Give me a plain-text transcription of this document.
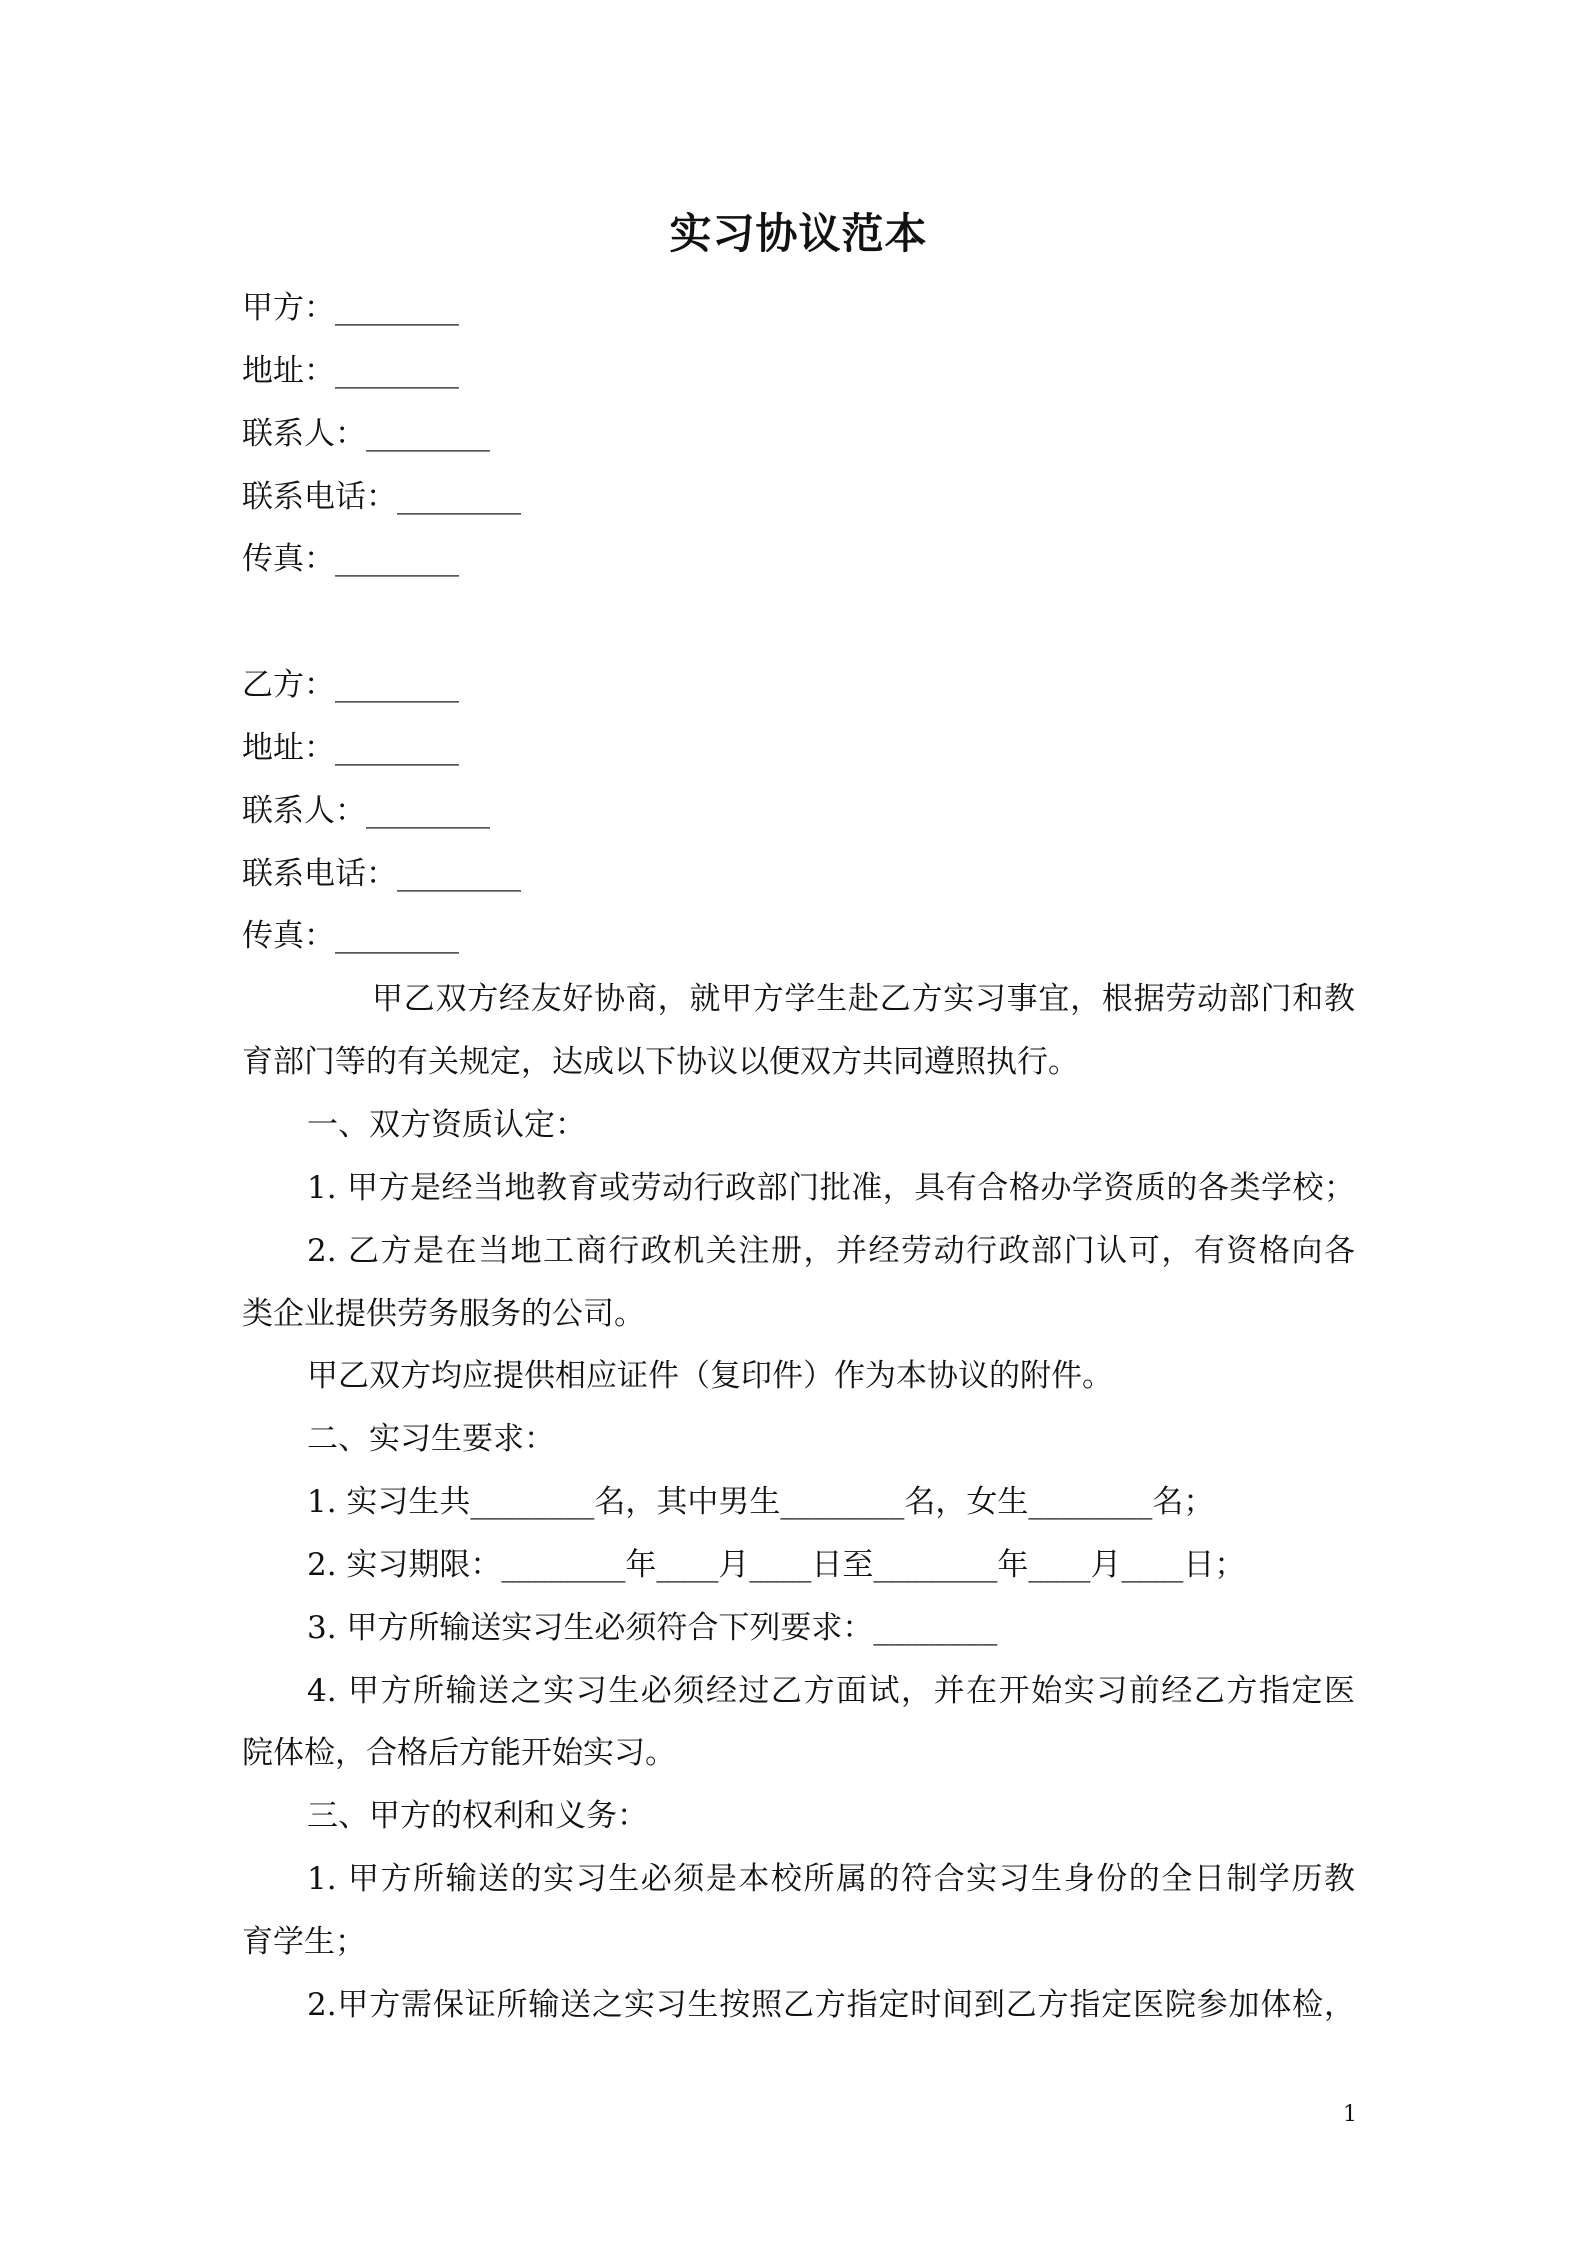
实习协议范本
甲方：________
地址：________
联系人：________
联系电话：________
传真：________
乙方：________
地址：________
联系人：________
联系电话：________
传真：________
甲乙双方经友好协商，就甲方学生赴乙方实习事宜，根据劳动部门和教
育部门等的有关规定，达成以下协议以便双方共同遵照执行。
一、双方资质认定：
1. 甲方是经当地教育或劳动行政部门批准，具有合格办学资质的各类学校；
2. 乙方是在当地工商行政机关注册，并经劳动行政部门认可，有资格向各
类企业提供劳务服务的公司。
甲乙双方均应提供相应证件（复印件）作为本协议的附件。
二、实习生要求：
1. 实习生共________名，其中男生________名，女生________名；
2. 实习期限：________年____月____日至________年____月____日；
3. 甲方所输送实习生必须符合下列要求：________
4. 甲方所输送之实习生必须经过乙方面试，并在开始实习前经乙方指定医
院体检，合格后方能开始实习。
三、甲方的权利和义务：
1. 甲方所输送的实习生必须是本校所属的符合实习生身份的全日制学历教
育学生；
2.甲方需保证所输送之实习生按照乙方指定时间到乙方指定医院参加体检，
1
